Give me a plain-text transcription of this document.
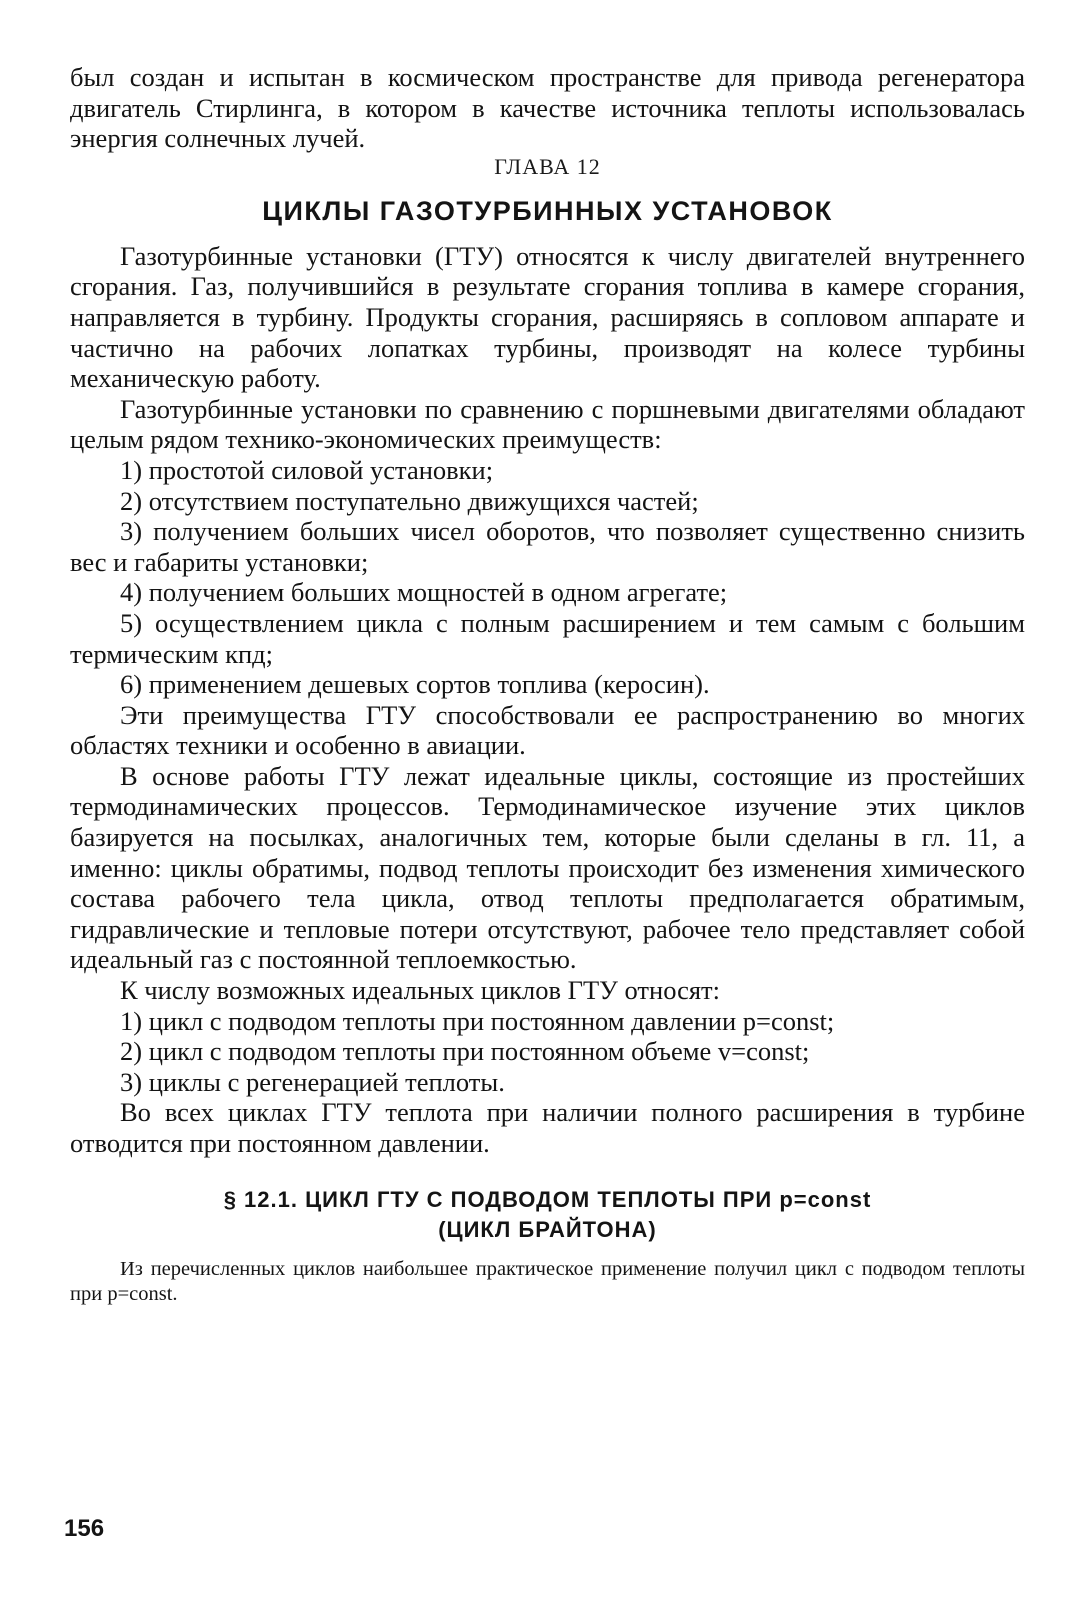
был создан и испытан в космическом пространстве для привода регенератора двигатель Стирлинга, в котором в качестве источника теплоты использовалась энергия солнечных лучей.

ГЛАВА 12
ЦИКЛЫ ГАЗОТУРБИННЫХ УСТАНОВОК

Газотурбинные установки (ГТУ) относятся к числу двигателей внутреннего сгорания. Газ, получившийся в результате сгорания топлива в камере сгорания, направляется в турбину. Продукты сгорания, расширяясь в сопловом аппарате и частично на рабочих лопатках турбины, производят на колесе турбины механическую работу.

Газотурбинные установки по сравнению с поршневыми двигателями обладают целым рядом технико-экономических преимуществ:

1) простотой силовой установки;

2) отсутствием поступательно движущихся частей;

3) получением больших чисел оборотов, что позволяет существенно снизить вес и габариты установки;

4) получением больших мощностей в одном агрегате;

5) осуществлением цикла с полным расширением и тем самым с большим термическим кпд;

6) применением дешевых сортов топлива (керосин).

Эти преимущества ГТУ способствовали ее распространению во многих областях техники и особенно в авиации.

В основе работы ГТУ лежат идеальные циклы, состоящие из простейших термодинамических процессов. Термодинамическое изучение этих циклов базируется на посылках, аналогичных тем, которые были сделаны в гл. 11, а именно: циклы обратимы, подвод теплоты происходит без изменения химического состава рабочего тела цикла, отвод теплоты предполагается обратимым, гидравлические и тепловые потери отсутствуют, рабочее тело представляет собой идеальный газ с постоянной теплоемкостью.

К числу возможных идеальных циклов ГТУ относят:

1) цикл с подводом теплоты при постоянном давлении p=const;

2) цикл с подводом теплоты при постоянном объеме v=const;

3) циклы с регенерацией теплоты.

Во всех циклах ГТУ теплота при наличии полного расширения в турбине отводится при постоянном давлении.

§ 12.1. ЦИКЛ ГТУ С ПОДВОДОМ ТЕПЛОТЫ ПРИ p=const
(ЦИКЛ БРАЙТОНА)

Из перечисленных циклов наибольшее практическое применение получил цикл с подводом теплоты при p=const.

156
